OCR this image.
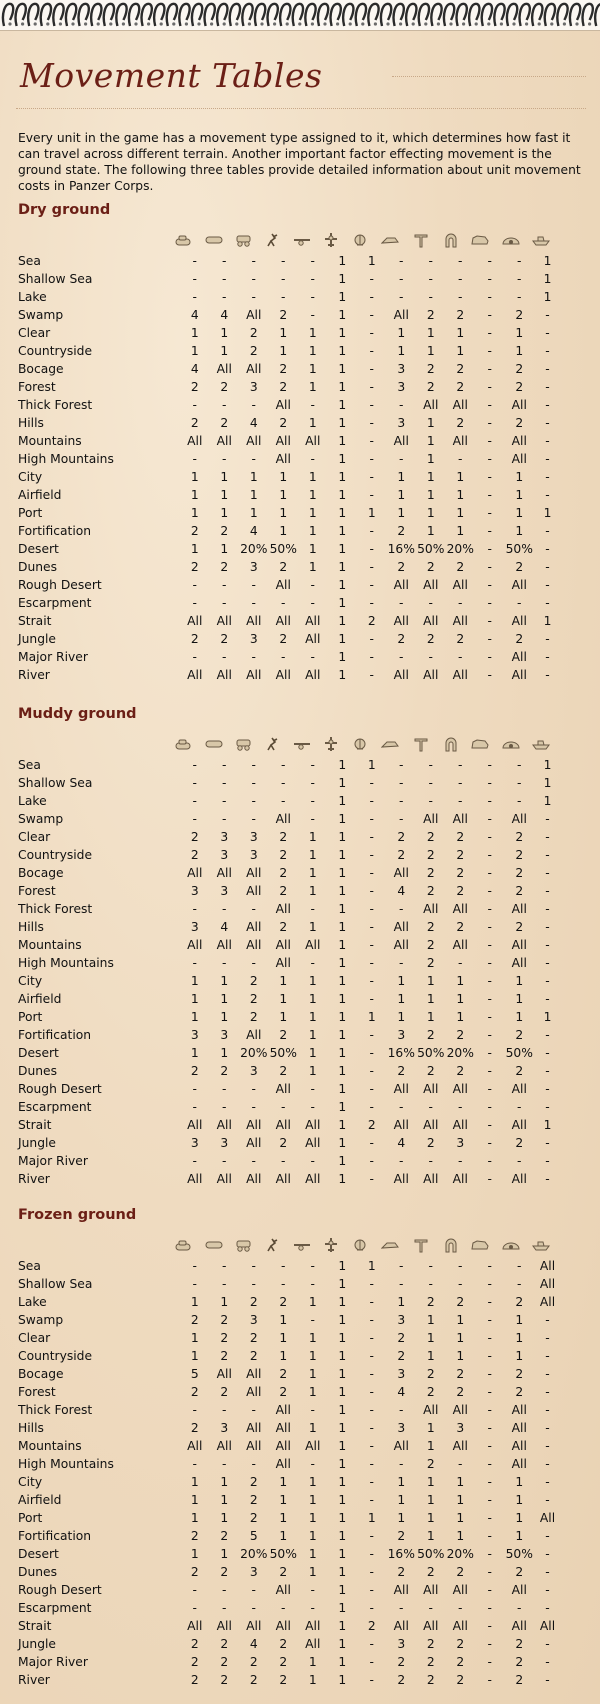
Movement Tables

Every unit in the game has a movement type assigned to it, which determines how fast it can travel across different terrain. Another important factor effecting movement is the ground state. The following three tables provide detailed information about unit movement costs in Panzer Corps.

Dry ground
Sea	-	-	-	-	-	1	1	-	-	-	-	-	1
Shallow Sea	-	-	-	-	-	1	-	-	-	-	-	-	1
Lake	-	-	-	-	-	1	-	-	-	-	-	-	1
Swamp	4	4	All	2	-	1	-	All	2	2	-	2	-
Clear	1	1	2	1	1	1	-	1	1	1	-	1	-
Countryside	1	1	2	1	1	1	-	1	1	1	-	1	-
Bocage	4	All	All	2	1	1	-	3	2	2	-	2	-
Forest	2	2	3	2	1	1	-	3	2	2	-	2	-
Thick Forest	-	-	-	All	-	1	-	-	All	All	-	All	-
Hills	2	2	4	2	1	1	-	3	1	2	-	2	-
Mountains	All	All	All	All	All	1	-	All	1	All	-	All	-
High Mountains	-	-	-	All	-	1	-	-	1	-	-	All	-
City	1	1	1	1	1	1	-	1	1	1	-	1	-
Airfield	1	1	1	1	1	1	-	1	1	1	-	1	-
Port	1	1	1	1	1	1	1	1	1	1	-	1	1
Fortification	2	2	4	1	1	1	-	2	1	1	-	1	-
Desert	1	1	20%	50%	1	1	-	16%	50%	20%	-	50%	-
Dunes	2	2	3	2	1	1	-	2	2	2	-	2	-
Rough Desert	-	-	-	All	-	1	-	All	All	All	-	All	-
Escarpment	-	-	-	-	-	1	-	-	-	-	-	-	-
Strait	All	All	All	All	All	1	2	All	All	All	-	All	1
Jungle	2	2	3	2	All	1	-	2	2	2	-	2	-
Major River	-	-	-	-	-	1	-	-	-	-	-	All	-
River	All	All	All	All	All	1	-	All	All	All	-	All	-
Muddy ground
Sea	-	-	-	-	-	1	1	-	-	-	-	-	1
Shallow Sea	-	-	-	-	-	1	-	-	-	-	-	-	1
Lake	-	-	-	-	-	1	-	-	-	-	-	-	1
Swamp	-	-	-	All	-	1	-	-	All	All	-	All	-
Clear	2	3	3	2	1	1	-	2	2	2	-	2	-
Countryside	2	3	3	2	1	1	-	2	2	2	-	2	-
Bocage	All	All	All	2	1	1	-	All	2	2	-	2	-
Forest	3	3	All	2	1	1	-	4	2	2	-	2	-
Thick Forest	-	-	-	All	-	1	-	-	All	All	-	All	-
Hills	3	4	All	2	1	1	-	All	2	2	-	2	-
Mountains	All	All	All	All	All	1	-	All	2	All	-	All	-
High Mountains	-	-	-	All	-	1	-	-	2	-	-	All	-
City	1	1	2	1	1	1	-	1	1	1	-	1	-
Airfield	1	1	2	1	1	1	-	1	1	1	-	1	-
Port	1	1	2	1	1	1	1	1	1	1	-	1	1
Fortification	3	3	All	2	1	1	-	3	2	2	-	2	-
Desert	1	1	20%	50%	1	1	-	16%	50%	20%	-	50%	-
Dunes	2	2	3	2	1	1	-	2	2	2	-	2	-
Rough Desert	-	-	-	All	-	1	-	All	All	All	-	All	-
Escarpment	-	-	-	-	-	1	-	-	-	-	-	-	-
Strait	All	All	All	All	All	1	2	All	All	All	-	All	1
Jungle	3	3	All	2	All	1	-	4	2	3	-	2	-
Major River	-	-	-	-	-	1	-	-	-	-	-	-	-
River	All	All	All	All	All	1	-	All	All	All	-	All	-
Frozen ground
Sea	-	-	-	-	-	1	1	-	-	-	-	-	All
Shallow Sea	-	-	-	-	-	1	-	-	-	-	-	-	All
Lake	1	1	2	2	1	1	-	1	2	2	-	2	All
Swamp	2	2	3	1	-	1	-	3	1	1	-	1	-
Clear	1	2	2	1	1	1	-	2	1	1	-	1	-
Countryside	1	2	2	1	1	1	-	2	1	1	-	1	-
Bocage	5	All	All	2	1	1	-	3	2	2	-	2	-
Forest	2	2	All	2	1	1	-	4	2	2	-	2	-
Thick Forest	-	-	-	All	-	1	-	-	All	All	-	All	-
Hills	2	3	All	All	1	1	-	3	1	3	-	All	-
Mountains	All	All	All	All	All	1	-	All	1	All	-	All	-
High Mountains	-	-	-	All	-	1	-	-	2	-	-	All	-
City	1	1	2	1	1	1	-	1	1	1	-	1	-
Airfield	1	1	2	1	1	1	-	1	1	1	-	1	-
Port	1	1	2	1	1	1	1	1	1	1	-	1	All
Fortification	2	2	5	1	1	1	-	2	1	1	-	1	-
Desert	1	1	20%	50%	1	1	-	16%	50%	20%	-	50%	-
Dunes	2	2	3	2	1	1	-	2	2	2	-	2	-
Rough Desert	-	-	-	All	-	1	-	All	All	All	-	All	-
Escarpment	-	-	-	-	-	1	-	-	-	-	-	-	-
Strait	All	All	All	All	All	1	2	All	All	All	-	All	All
Jungle	2	2	4	2	All	1	-	3	2	2	-	2	-
Major River	2	2	2	2	1	1	-	2	2	2	-	2	-
River	2	2	2	2	1	1	-	2	2	2	-	2	-
